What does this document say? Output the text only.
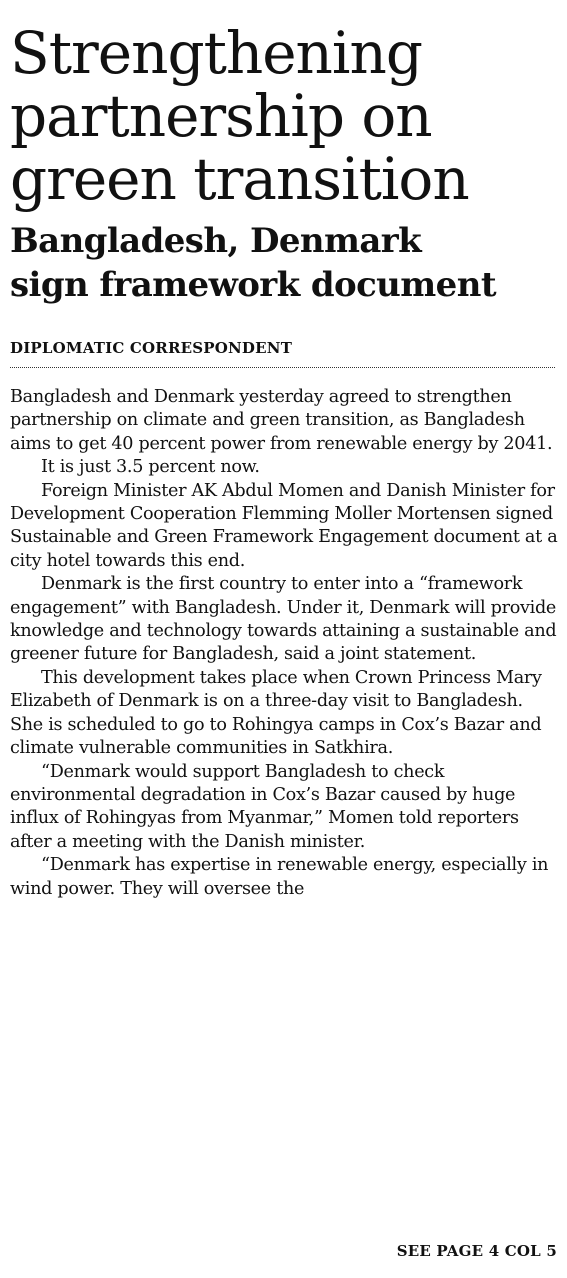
Strengthening
partnership on
green transition
Bangladesh, Denmark
sign framework document
DIPLOMATIC CORRESPONDENT

Bangladesh and Denmark yesterday agreed to strengthen partnership on climate and green transition, as Bangladesh aims to get 40 percent power from renewable energy by 2041.

It is just 3.5 percent now.

Foreign Minister AK Abdul Momen and Danish Minister for Development Cooperation Flemming Moller Mortensen signed Sustainable and Green Framework Engagement document at a city hotel towards this end.

Denmark is the first country to enter into a “framework engagement” with Bangladesh. Under it, Denmark will provide knowledge and technology towards attaining a sustainable and greener future for Bangladesh, said a joint statement.

This development takes place when Crown Princess Mary Elizabeth of Denmark is on a three-day visit to Bangladesh. She is scheduled to go to Rohingya camps in Cox’s Bazar and climate vulnerable communities in Satkhira.

“Denmark would support Bangladesh to check environmental degradation in Cox’s Bazar caused by huge influx of Rohingyas from Myanmar,” Momen told reporters after a meeting with the Danish minister.

“Denmark has expertise in renewable energy, especially in wind power. They will oversee the

SEE PAGE 4 COL 5
